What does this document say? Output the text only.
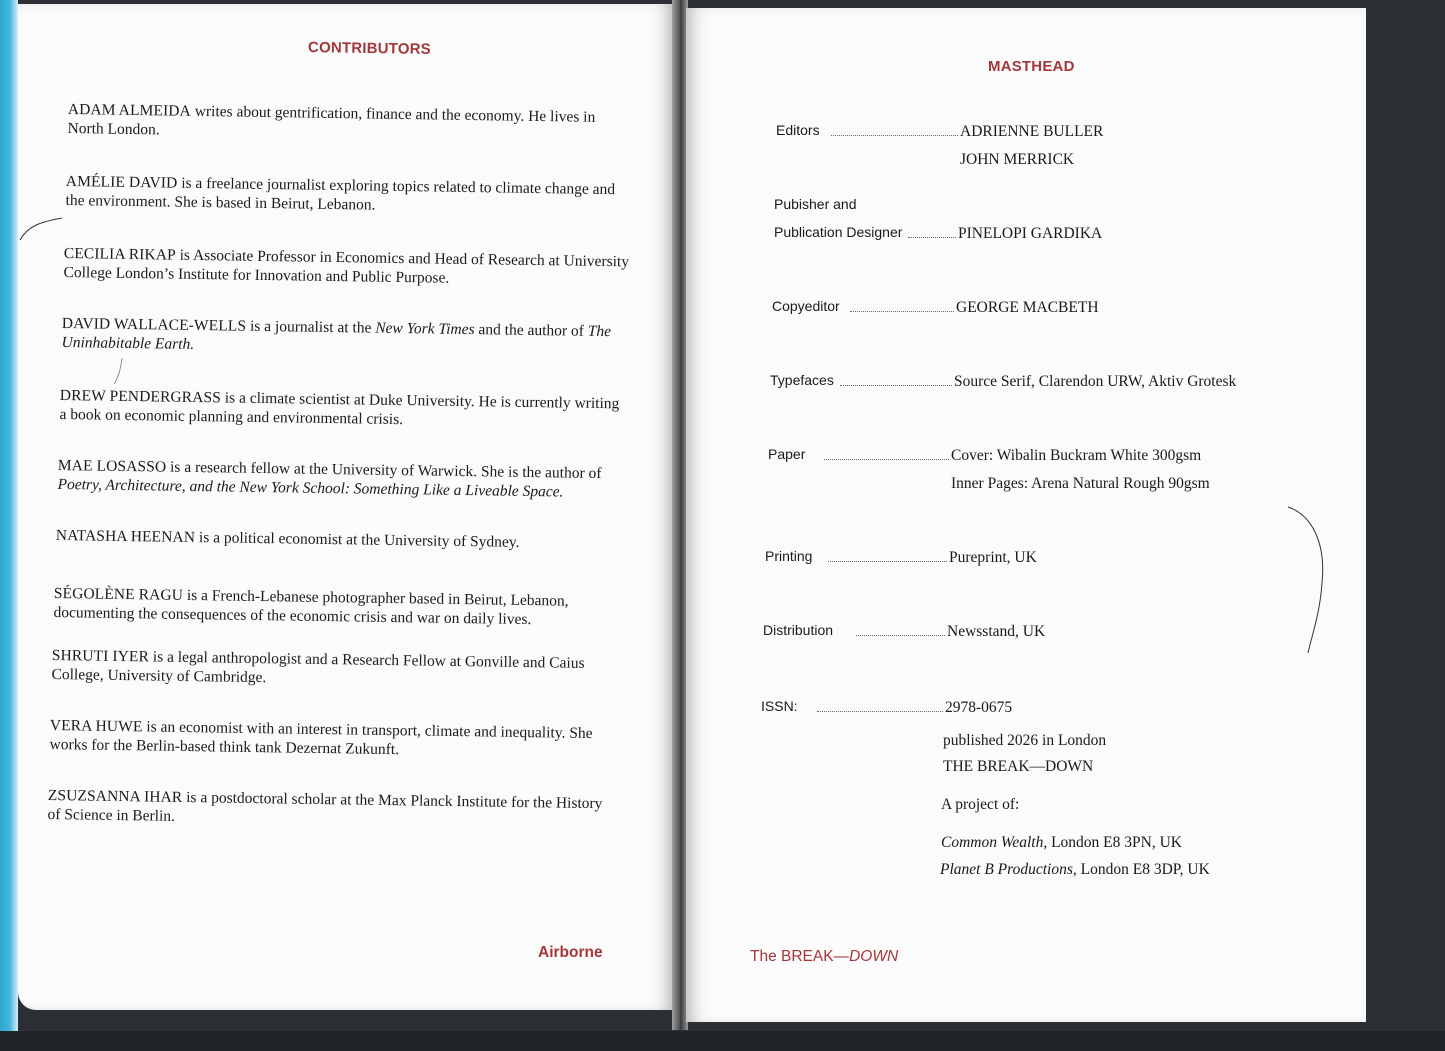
CONTRIBUTORS
ADAM ALMEIDA writes about gentrification, finance and the economy. He lives in North London.
AMÉLIE DAVID is a freelance journalist exploring topics related to climate change and the environment. She is based in Beirut, Lebanon.
CECILIA RIKAP is Associate Professor in Economics and Head of Research at University College London’s Institute for Innovation and Public Purpose.
DAVID WALLACE-WELLS is a journalist at the New York Times and the author of The Uninhabitable Earth.
DREW PENDERGRASS is a climate scientist at Duke University. He is currently writing a book on economic planning and environmental crisis.
MAE LOSASSO is a research fellow at the University of Warwick. She is the author of Poetry, Architecture, and the New York School: Something Like a Liveable Space.
NATASHA HEENAN is a political economist at the University of Sydney.
SÉGOLÈNE RAGU is a French-Lebanese photographer based in Beirut, Lebanon, documenting the consequences of the economic crisis and war on daily lives.
SHRUTI IYER is a legal anthropologist and a Research Fellow at Gonville and Caius College, University of Cambridge.
VERA HUWE is an economist with an interest in transport, climate and inequality. She works for the Berlin-based think tank Dezernat Zukunft.
ZSUZSANNA IHAR is a postdoctoral scholar at the Max Planck Institute for the History of Science in Berlin.
Airborne
MASTHEAD
Editors	ADRIENNE BULLER
JOHN MERRICK
Pubisher and
Publication Designer	PINELOPI GARDIKA
Copyeditor	GEORGE MACBETH
Typefaces	Source Serif, Clarendon URW, Aktiv Grotesk
Paper	Cover: Wibalin Buckram White 300gsm
Inner Pages: Arena Natural Rough 90gsm
Printing	Pureprint, UK
Distribution	Newsstand, UK
ISSN:	2978-0675
published 2026 in London
THE BREAK—DOWN
A project of:
Common Wealth, London E8 3PN, UK
Planet B Productions, London E8 3DP, UK
The BREAK—DOWN
